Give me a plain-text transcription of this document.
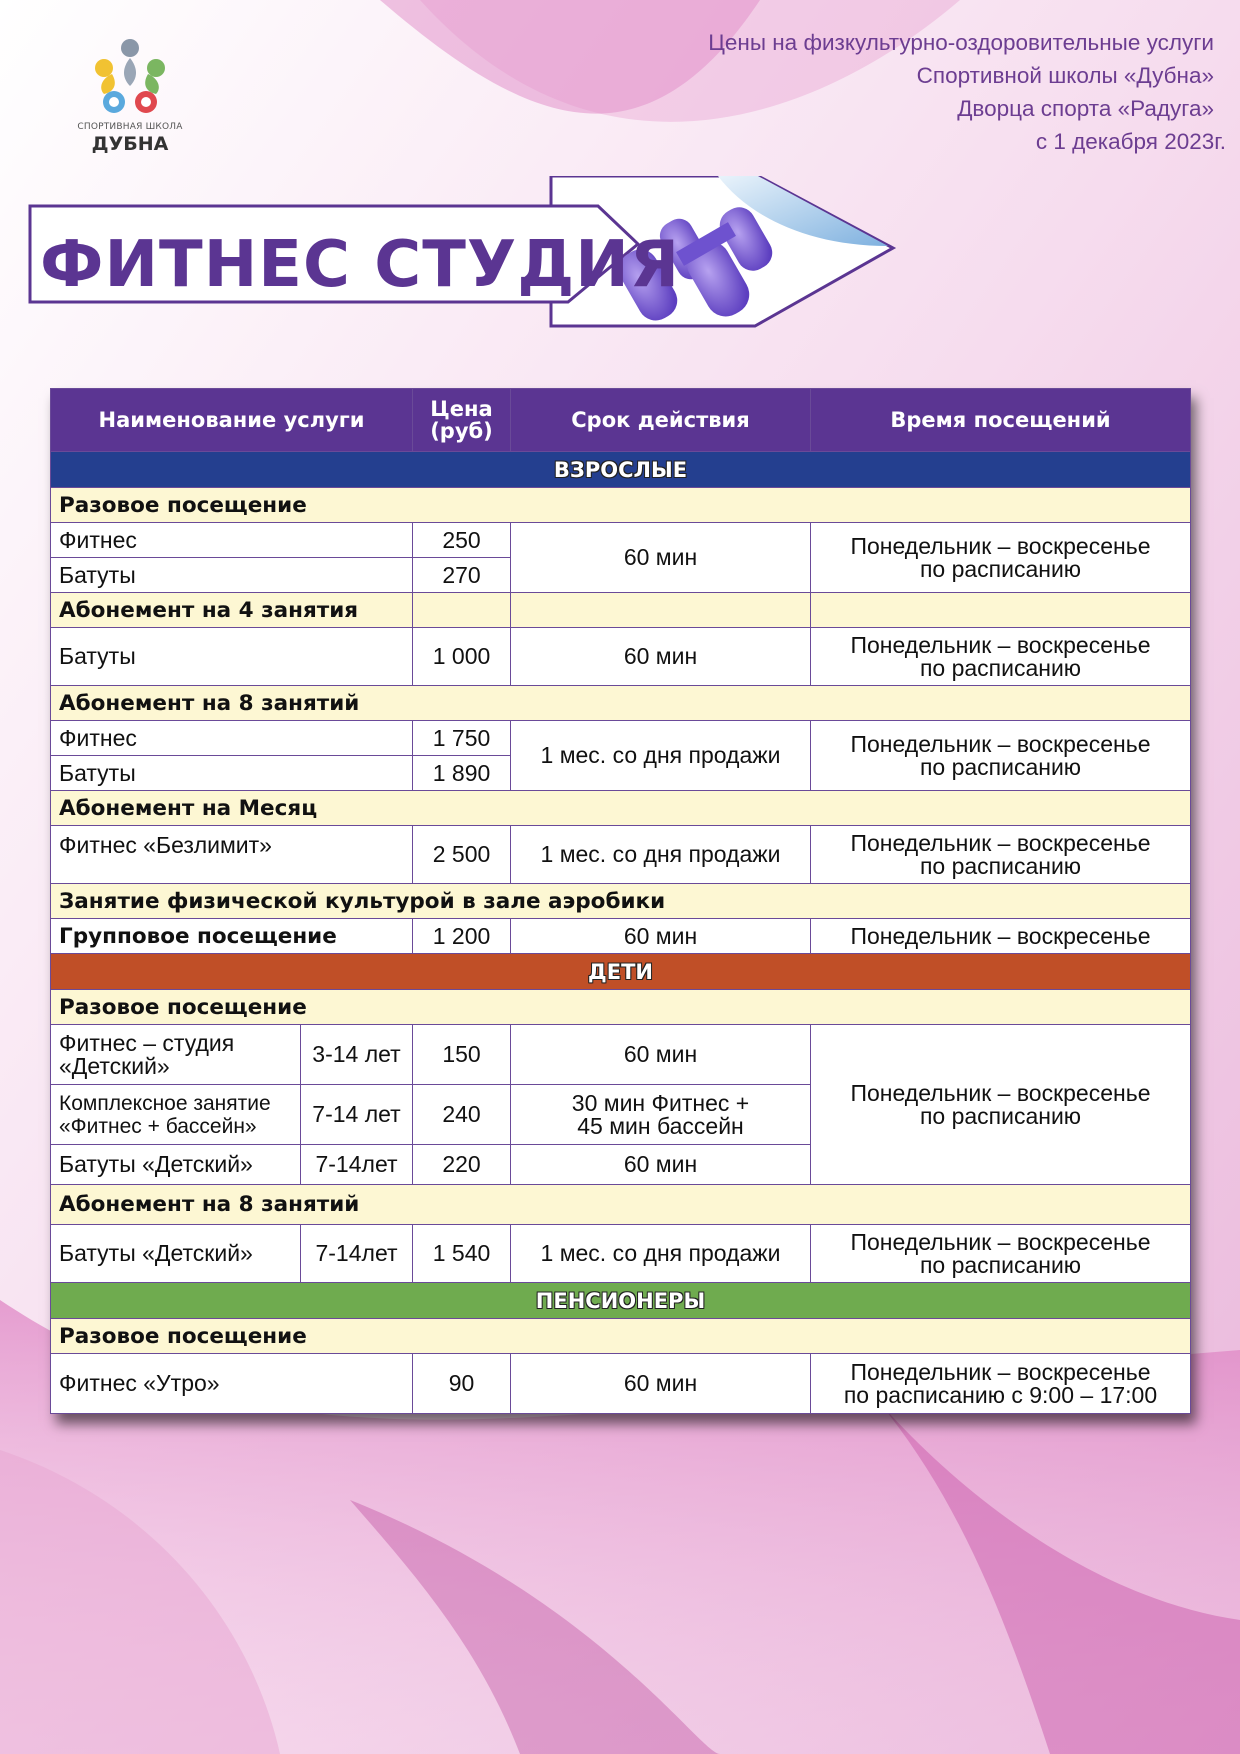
СПОРТИВНАЯ ШКОЛА
ДУБНА
Цены на физкультурно-оздоровительные услуги
Спортивной школы «Дубна»
Дворца спорта «Радуга»
с 1 декабря 2023г.
ФИТНЕС СТУДИЯ
Наименование услуги		Цена
(руб)	Срок действия	Время посещений
ВЗРОСЛЫЕ				
Разовое посещение				
Фитнес		250	60 мин	Понедельник – воскресенье
по расписанию
Батуты		270		
Абонемент на 4 занятия				
Батуты		1 000	60 мин	Понедельник – воскресенье
по расписанию
Абонемент на 8 занятий				
Фитнес		1 750	1 мес. со дня продажи	Понедельник – воскресенье
по расписанию
Батуты		1 890		
Абонемент на Месяц				
Фитнес «Безлимит»		2 500	1 мес. со дня продажи	Понедельник – воскресенье
по расписанию
Занятие физической культурой в зале аэробики				
Групповое посещение		1 200	60 мин	Понедельник – воскресенье
ДЕТИ				
Разовое посещение				
Фитнес – студия
«Детский»	3-14 лет	150	60 мин	Понедельник – воскресенье
по расписанию
Комплексное занятие
«Фитнес + бассейн»	7-14 лет	240	30 мин Фитнес +
45 мин бассейн	
Батуты «Детский»	7-14лет	220	60 мин	
Абонемент на 8 занятий				
Батуты «Детский»	7-14лет	1 540	1 мес. со дня продажи	Понедельник – воскресенье
по расписанию
ПЕНСИОНЕРЫ				
Разовое посещение				
Фитнес «Утро»		90	60 мин	Понедельник – воскресенье
по расписанию с 9:00 – 17:00
